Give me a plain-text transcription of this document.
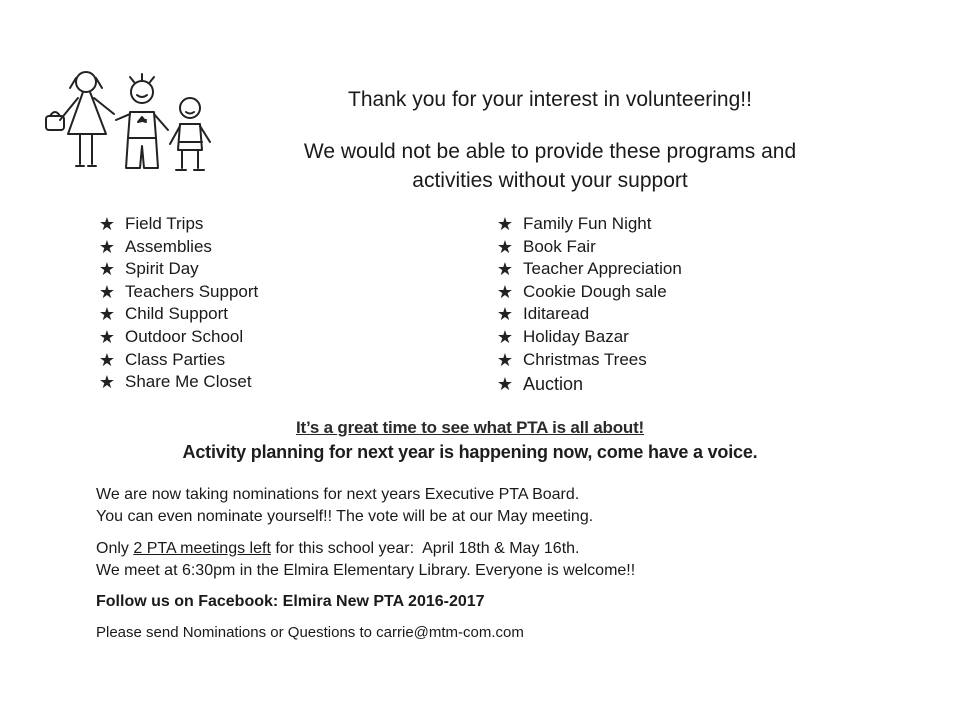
Thank you for your interest in volunteering!!
We would not be able to provide these programs and
activities without your support
★ Field Trips
★ Assemblies
★ Spirit Day
★ Teachers Support
★ Child Support
★ Outdoor School
★ Class Parties
★ Share Me Closet
★ Family Fun Night
★ Book Fair
★ Teacher Appreciation
★ Cookie Dough sale
★ Iditaread
★ Holiday Bazar
★ Christmas Trees
★ Auction
It’s a great time to see what PTA is all about!
Activity planning for next year is happening now, come have a voice.
We are now taking nominations for next years Executive PTA Board.
You can even nominate yourself!! The vote will be at our May meeting.
Only 2 PTA meetings left for this school year:  April 18th & May 16th.
We meet at 6:30pm in the Elmira Elementary Library. Everyone is welcome!!
Follow us on Facebook: Elmira New PTA 2016-2017
Please send Nominations or Questions to carrie@mtm-com.com
